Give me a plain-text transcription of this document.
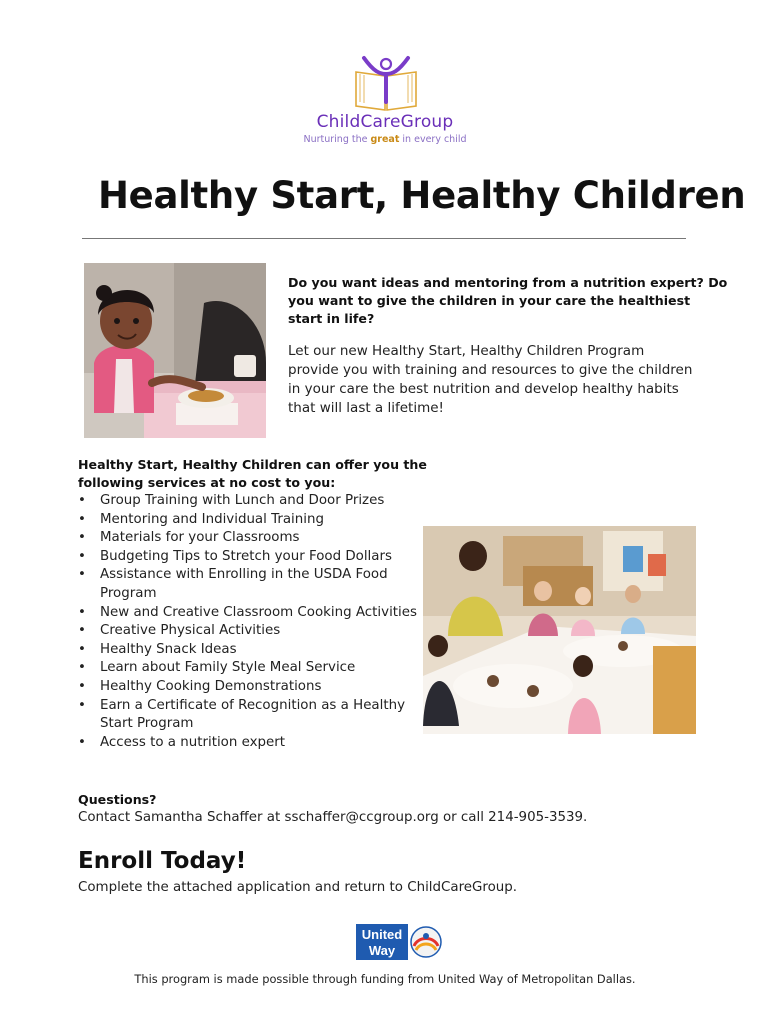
ChildCareGroup
Nurturing the great in every child
Healthy Start, Healthy Children
Do you want ideas and mentoring from a nutrition expert? Do you want to give the children in your care the healthiest start in life?
Let our new Healthy Start, Healthy Children Program provide you with training and resources to give the children in your care the best nutrition and develop healthy habits that will last a lifetime!
Healthy Start, Healthy Children can offer you the following services at no cost to you:
• Group Training with Lunch and Door Prizes
• Mentoring and Individual Training
• Materials for your Classrooms
• Budgeting Tips to Stretch your Food Dollars
• Assistance with Enrolling in the USDA Food Program
• New and Creative Classroom Cooking Activities
• Creative Physical Activities
• Healthy Snack Ideas
• Learn about Family Style Meal Service
• Healthy Cooking Demonstrations
• Earn a Certificate of Recognition as a Healthy Start Program
• Access to a nutrition expert
Questions?
Contact Samantha Schaffer at sschaffer@ccgroup.org or call 214-905-3539.
Enroll Today!
Complete the attached application and return to ChildCareGroup.
United
Way
This program is made possible through funding from United Way of Metropolitan Dallas.
